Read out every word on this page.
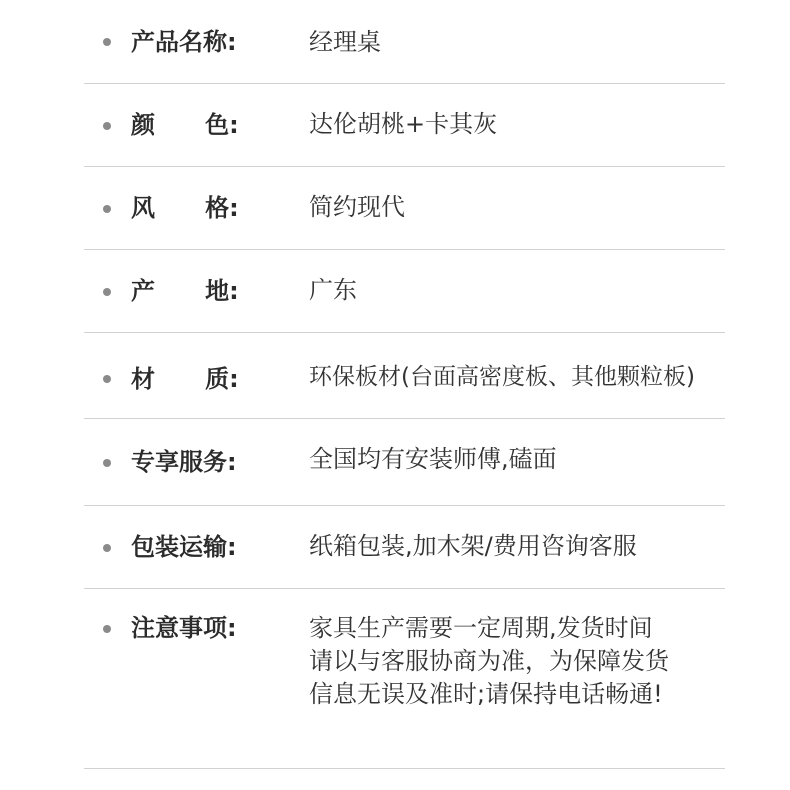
产品名称:	经理桌
颜      色:	达伦胡桃+卡其灰
风      格:	简约现代
产      地:	广东
材      质:	环保板材(台面高密度板、其他颗粒板)
专享服务:	全国均有安装师傅,磕面
包装运输:	纸箱包装,加木架/费用咨询客服
注意事项:	家具生产需要一定周期,发货时间请以与客服协商为准，为保障发货信息无误及准时;请保持电话畅通!
